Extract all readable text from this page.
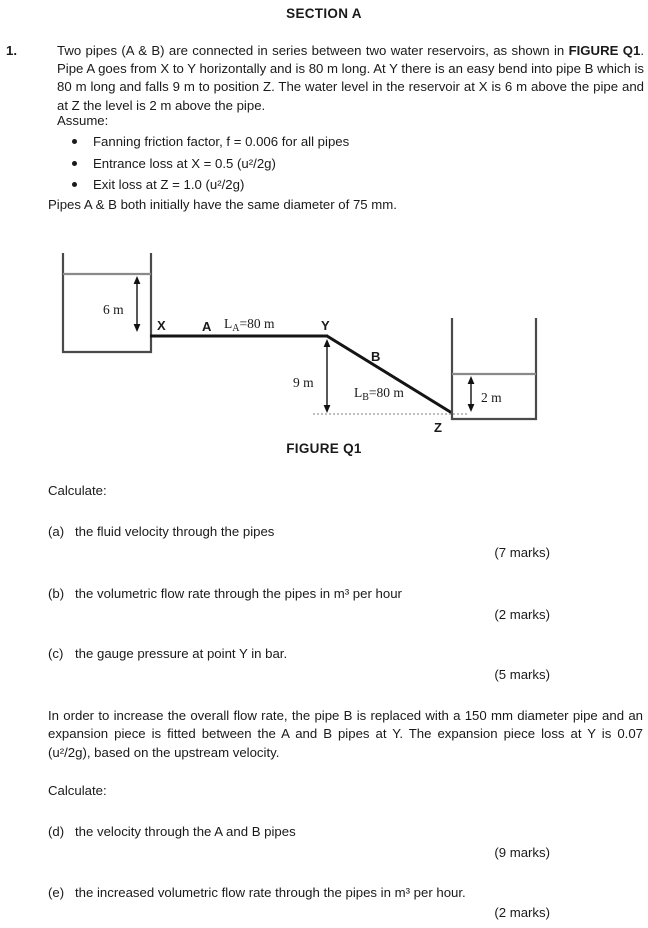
SECTION A
1.	Two pipes (A & B) are connected in series between two water reservoirs, as shown in FIGURE Q1. Pipe A goes from X to Y horizontally and is 80 m long. At Y there is an easy bend into pipe B which is 80 m long and falls 9 m to position Z. The water level in the reservoir at X is 6 m above the pipe and at Z the level is 2 m above the pipe.
Assume:
Fanning friction factor, f = 0.006 for all pipes
Entrance loss at X = 0.5 (u²/2g)
Exit loss at Z = 1.0 (u²/2g)
Pipes A & B both initially have the same diameter of 75 mm.
6 m
X	A $L_A=80$ m	Y
B
9 m
$L_B=80$ m
Z
2 m
FIGURE Q1
Calculate:
(a) the fluid velocity through the pipes
(7 marks)
(b) the volumetric flow rate through the pipes in m³ per hour
(2 marks)
(c) the gauge pressure at point Y in bar.
(5 marks)
In order to increase the overall flow rate, the pipe B is replaced with a 150 mm diameter pipe and an expansion piece is fitted between the A and B pipes at Y. The expansion piece loss at Y is 0.07 (u²/2g), based on the upstream velocity.
Calculate:
(d) the velocity through the A and B pipes
(9 marks)
(e) the increased volumetric flow rate through the pipes in m³ per hour.
(2 marks)
